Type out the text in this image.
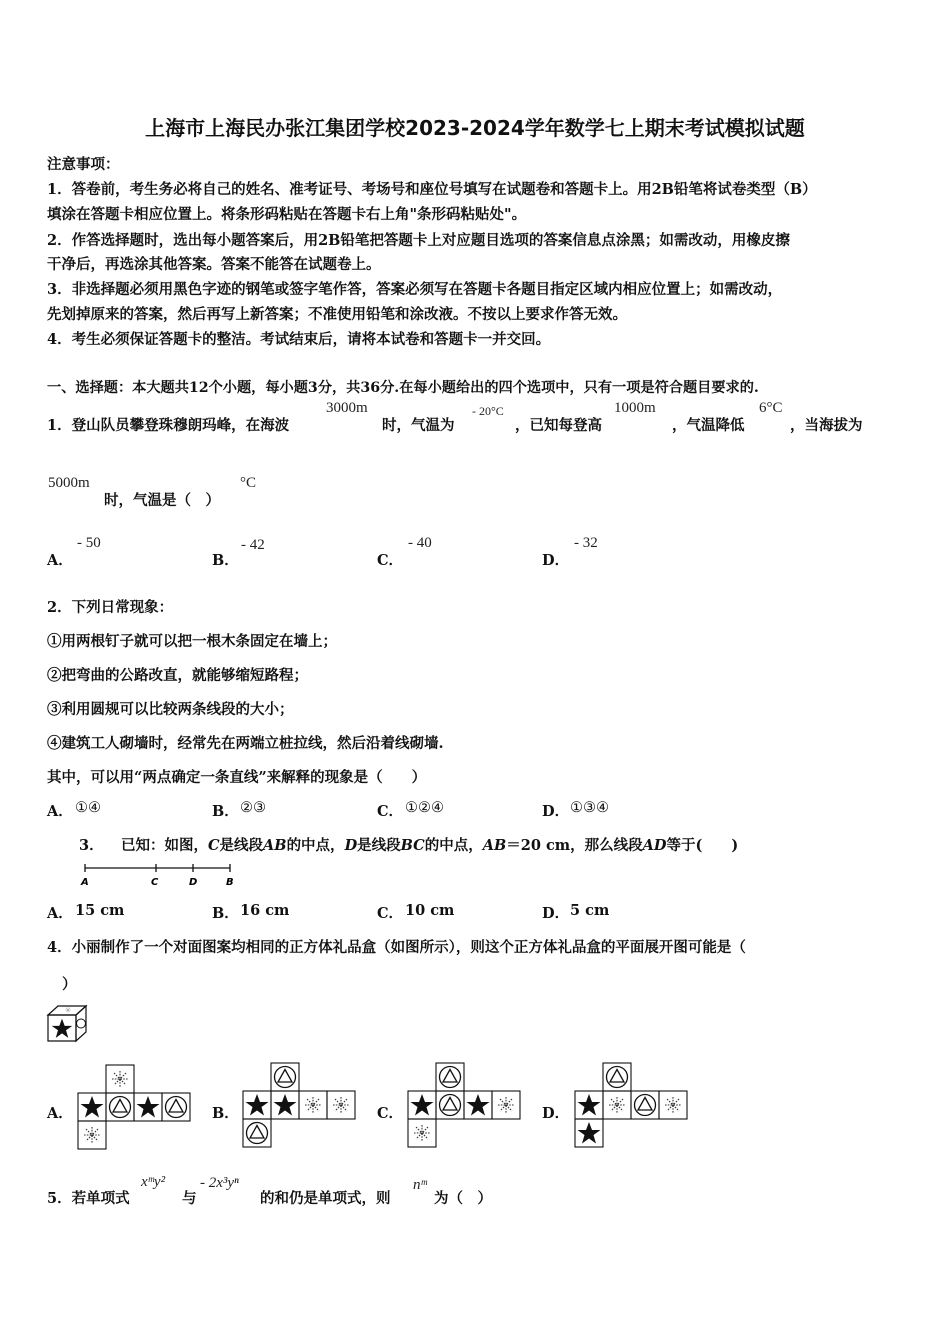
上海市上海民办张江集团学校2023-2024学年数学七上期末考试模拟试题
注意事项：
1．答卷前，考生务必将自己的姓名、准考证号、考场号和座位号填写在试题卷和答题卡上。用2B铅笔将试卷类型（B）
填涂在答题卡相应位置上。将条形码粘贴在答题卡右上角"条形码粘贴处"。
2．作答选择题时，选出每小题答案后，用2B铅笔把答题卡上对应题目选项的答案信息点涂黑；如需改动，用橡皮擦
干净后，再选涂其他答案。答案不能答在试题卷上。
3．非选择题必须用黑色字迹的钢笔或签字笔作答，答案必须写在答题卡各题目指定区域内相应位置上；如需改动，
先划掉原来的答案，然后再写上新答案；不准使用铅笔和涂改液。不按以上要求作答无效。
4．考生必须保证答题卡的整洁。考试结束后，请将本试卷和答题卡一并交回。
一、选择题：本大题共12个小题，每小题3分，共36分.在每小题给出的四个选项中，只有一项是符合题目要求的.
1．登山队员攀登珠穆朗玛峰，在海波
3000m
时，气温为
- 20°C
，已知每登高
1000m
，气温降低
6°C
，当海拔为
5000m
时，气温是（　）
°C
A．
- 50
B．
- 42
C．
- 40
D．
- 32
2．下列日常现象：
①用两根钉子就可以把一根木条固定在墙上；
②把弯曲的公路改直，就能够缩短路程；
③利用圆规可以比较两条线段的大小；
④建筑工人砌墙时，经常先在两端立桩拉线，然后沿着线砌墙.
其中，可以用“两点确定一条直线”来解释的现象是（　　）
A． ①④	B． ②③	C． ①②④	D． ①③④
3． 已知：如图，C是线段AB的中点，D是线段BC的中点，AB＝20 cm，那么线段AD等于(　　)
A	C	D	B
A． 15 cm	B． 16 cm	C． 10 cm	D． 5 cm
4．小丽制作了一个对面图案均相同的正方体礼品盒（如图所示），则这个正方体礼品盒的平面展开图可能是（
）
A．	B．	C．	D．
5．若单项式
xᵐy²
与
- 2x³yⁿ
的和仍是单项式，则
nᵐ
为（　）
